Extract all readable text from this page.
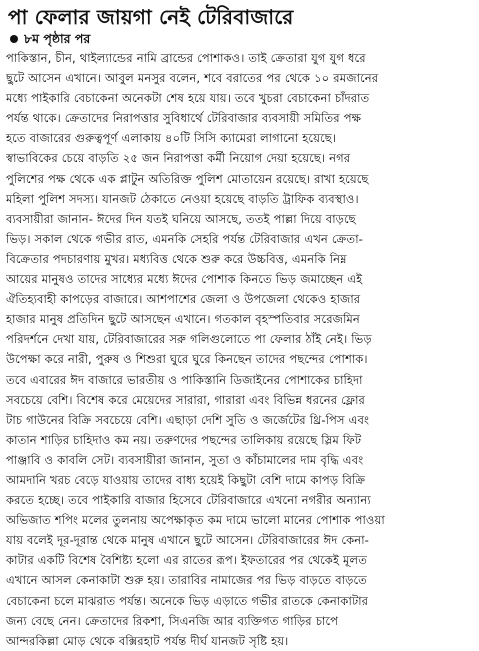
পা ফেলার জায়গা নেই টেরিবাজারে
৮ম পৃষ্ঠার পর
পাকিস্তান, চীন, থাইল্যান্ডের নামি ব্রান্ডের পোশাকও। তাই ক্রেতারা যুগ যুগ ধরে
ছুটে আসেন এখানে। আবুল মনসুর বলেন, শবে বরাতের পর থেকে ১০ রমজানের
মধ্যে পাইকারি বেচাকেনা অনেকটা শেষ হয়ে যায়। তবে খুচরা বেচাকেনা চাঁদরাত
পর্যন্ত থাকে। ক্রেতাদের নিরাপত্তার সুবিধার্থে টেরিবাজার ব্যবসায়ী সমিতির পক্ষ
হতে বাজারের গুরুত্বপূর্ণ এলাকায় ৪০টি সিসি ক্যামেরা লাগানো হয়েছে।
স্বাভাবিকের চেয়ে বাড়তি ২৫ জন নিরাপত্তা কর্মী নিয়োগ দেয়া হয়েছে। নগর
পুলিশের পক্ষ থেকে এক প্লাটুন অতিরিক্ত পুলিশ মোতায়েন রয়েছে। রাখা হয়েছে
মহিলা পুলিশ সদস্য। যানজট ঠেকাতে নেওয়া হয়েছে বাড়তি ট্রাফিক ব্যবস্থাও।
ব্যবসায়ীরা জানান- ঈদের দিন যতই ঘনিয়ে আসছে, ততই পাল্লা দিয়ে বাড়ছে
ভিড়। সকাল থেকে গভীর রাত, এমনকি সেহরি পর্যন্ত টেরিবাজার এখন ক্রেতা-
বিক্রেতার পদচারণায় মুখর। মধ্যবিত্ত থেকে শুরু করে উচ্চবিত্ত, এমনকি নিম্ন
আয়ের মানুষও তাদের সাধ্যের মধ্যে ঈদের পোশাক কিনতে ভিড় জমাচ্ছেন এই
ঐতিহ্যবাহী কাপড়ের বাজারে। আশপাশের জেলা ও উপজেলা থেকেও হাজার
হাজার মানুষ প্রতিদিন ছুটে আসছেন এখানে। গতকাল বৃহস্পতিবার সরেজমিন
পরিদর্শনে দেখা যায়, টেরিবাজারের সরু গলিগুলোতে পা ফেলার ঠাঁই নেই। ভিড়
উপেক্ষা করে নারী, পুরুষ ও শিশুরা ঘুরে ঘুরে কিনছেন তাদের পছন্দের পোশাক।
তবে এবারের ঈদ বাজারে ভারতীয় ও পাকিস্তানি ডিজাইনের পোশাকের চাহিদা
সবচেয়ে বেশি। বিশেষ করে মেয়েদের সারারা, গারারা এবং বিভিন্ন ধরনের ফ্লোর
টাচ গাউনের বিক্রি সবচেয়ে বেশি। এছাড়া দেশি সুতি ও জর্জেটের থ্রি-পিস এবং
কাতান শাড়ির চাহিদাও কম নয়। তরুণদের পছন্দের তালিকায় রয়েছে স্লিম ফিট
পাঞ্জাবি ও কাবলি সেট। ব্যবসায়ীরা জানান, সুতা ও কাঁচামালের দাম বৃদ্ধি এবং
আমদানি খরচ বেড়ে যাওয়ায় তাদের বাধ্য হয়েই কিছুটা বেশি দামে কাপড় বিক্রি
করতে হচ্ছে। তবে পাইকারি বাজার হিসেবে টেরিবাজারে এখনো নগরীর অন্যান্য
অভিজাত শপিং মলের তুলনায় অপেক্ষাকৃত কম দামে ভালো মানের পোশাক পাওয়া
যায় বলেই দূর-দূরান্ত থেকে মানুষ এখানে ছুটে আসেন। টেরিবাজারের ঈদ কেনা-
কাটার একটি বিশেষ বৈশিষ্ট্য হলো এর রাতের রূপ। ইফতারের পর থেকেই মূলত
এখানে আসল কেনাকাটা শুরু হয়। তারাবির নামাজের পর ভিড় বাড়তে বাড়তে
বেচাকেনা চলে মাঝরাত পর্যন্ত। অনেকে ভিড় এড়াতে গভীর রাতকে কেনাকাটার
জন্য বেছে নেন। ক্রেতাদের রিকশা, সিএনজি আর ব্যক্তিগত গাড়ির চাপে
আন্দরকিল্লা মোড় থেকে বক্সিরহাট পর্যন্ত দীর্ঘ যানজট সৃষ্টি হয়।
